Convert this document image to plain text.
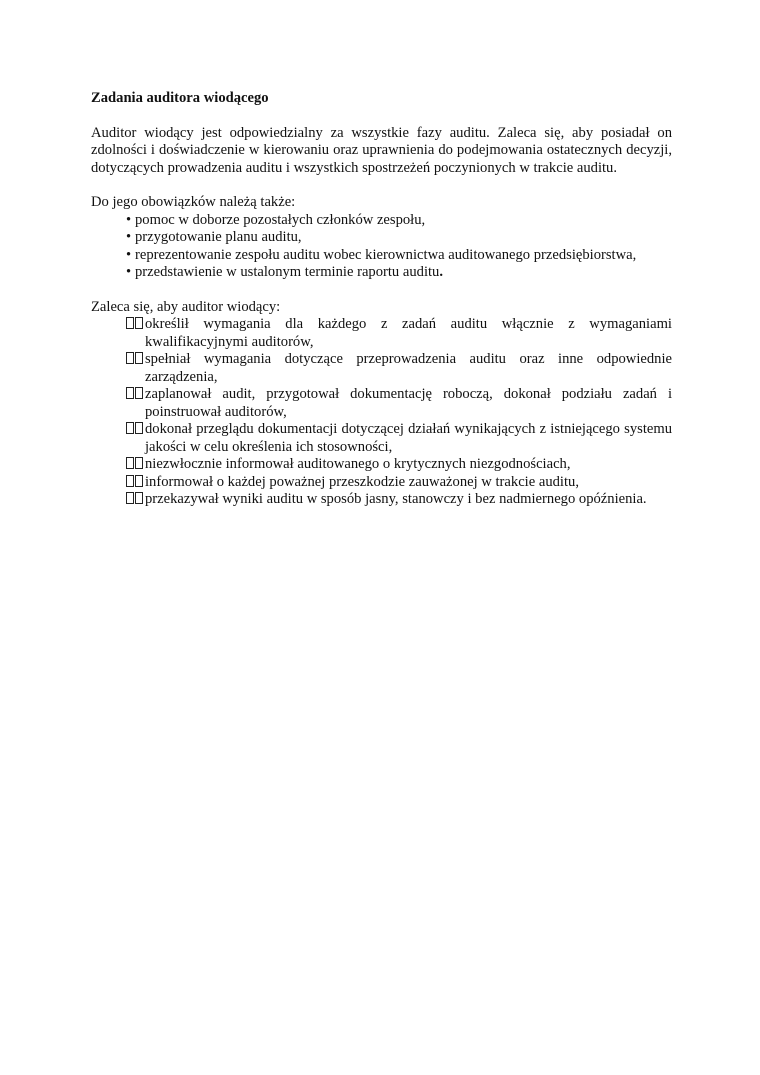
Zadania auditora wiodącego

Auditor wiodący jest odpowiedzialny za wszystkie fazy auditu. Zaleca się, aby posiadał on zdolności i doświadczenie w kierowaniu oraz uprawnienia do podejmowania ostatecznych decyzji, dotyczących prowadzenia auditu i wszystkich spostrzeżeń poczynionych w trakcie auditu.

Do jego obowiązków należą także:

• pomoc w doborze pozostałych członków zespołu,
• przygotowanie planu auditu,
• reprezentowanie zespołu auditu wobec kierownictwa auditowanego przedsiębiorstwa,
• przedstawienie w ustalonym terminie raportu auditu.

Zaleca się, aby auditor wiodący:

określił wymagania dla każdego z zadań auditu włącznie z wymaganiami kwalifikacyjnymi auditorów,
spełniał wymagania dotyczące przeprowadzenia auditu oraz inne odpowiednie zarządzenia,
zaplanował audit, przygotował dokumentację roboczą, dokonał podziału zadań i poinstruował auditorów,
dokonał przeglądu dokumentacji dotyczącej działań wynikających z istniejącego systemu jakości w celu określenia ich stosowności,
niezwłocznie informował auditowanego o krytycznych niezgodnościach,
informował o każdej poważnej przeszkodzie zauważonej w trakcie auditu,
przekazywał wyniki auditu w sposób jasny, stanowczy i bez nadmiernego opóźnienia.
